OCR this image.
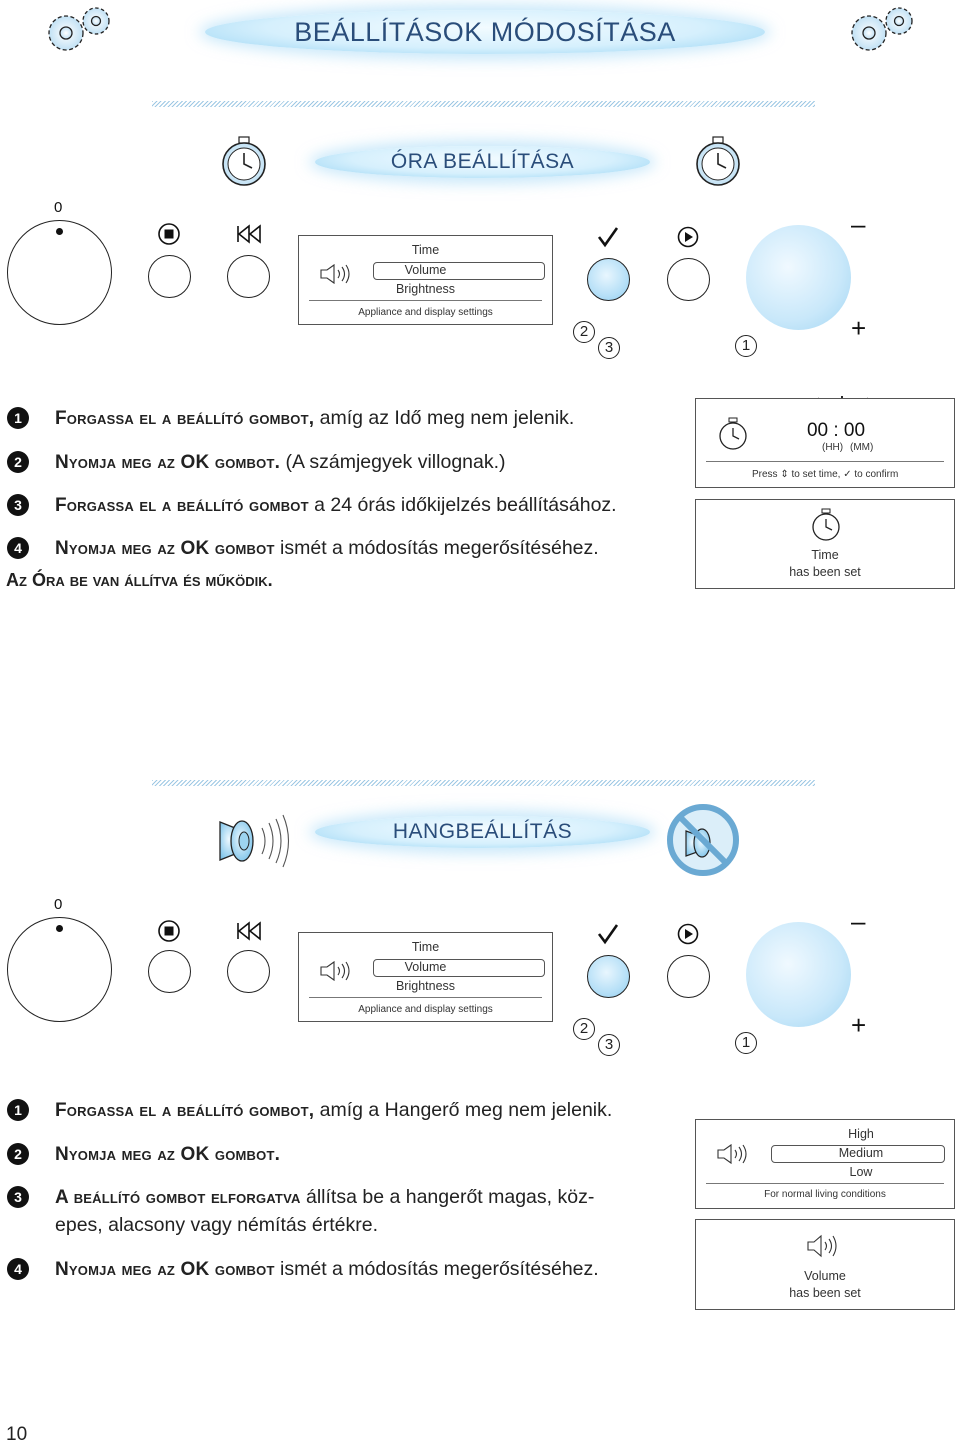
BEÁLLÍTÁSOK MÓDOSÍTÁSA
ÓRA BEÁLLÍTÁSA
0
Time
Volume
Brightness
Appliance and display settings
–
+
2
3	1
1	Forgassa el a beállító gombot, amíg az Idő meg nem jelenik.
2	Nyomja meg az OK gombot. (A számjegyek villognak.)
3	Forgassa el a beállító gombot a 24 órás időkijelzés beállításához.
4	Nyomja meg az OK gombot ismét a módosítás megerősítéséhez.
Az Óra be van állítva és működik.
00 : 00
(HH) (MM)
Press ⇕ to set time, ✓ to confirm
Time
has been set
HANGBEÁLLÍTÁS
0
Time
Volume
Brightness
Appliance and display settings
–
+
2
3	1
1	Forgassa el a beállító gombot, amíg a Hangerő meg nem jelenik.
2	Nyomja meg az OK gombot.
3	A beállító gombot elforgatva állítsa be a hangerőt magas, köz-
epes, alacsony vagy némítás értékre.
4	Nyomja meg az OK gombot ismét a módosítás megerősítéséhez.
High
Medium
Low
For normal living conditions
Volume
has been set
10
